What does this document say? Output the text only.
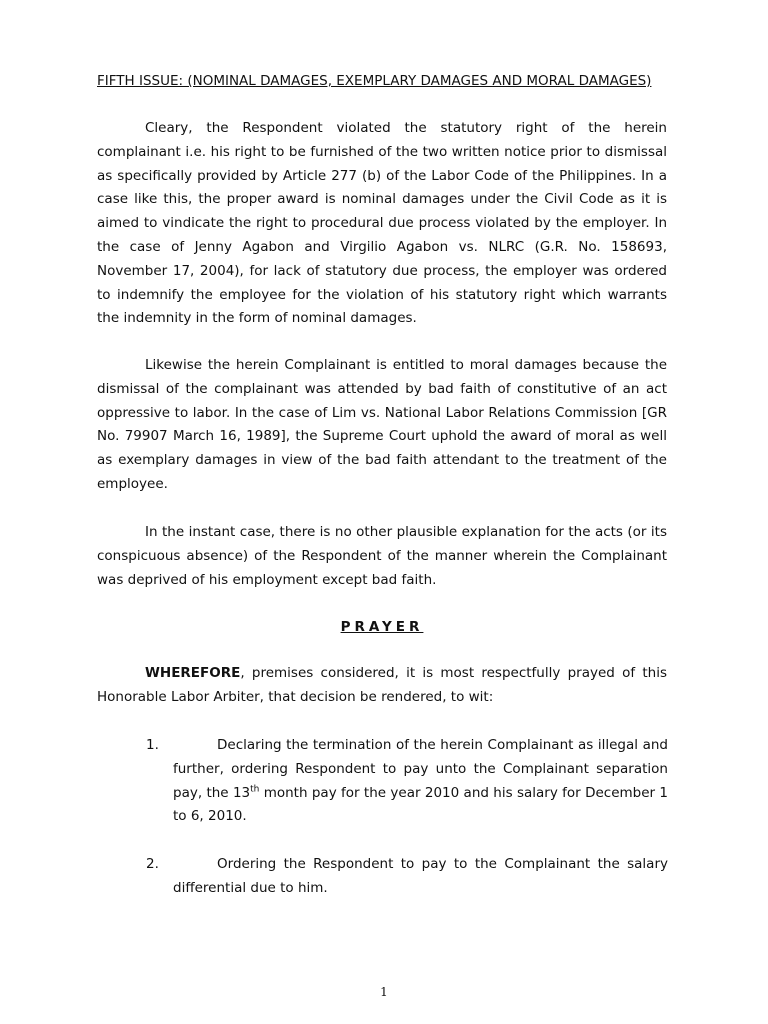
FIFTH ISSUE: (NOMINAL DAMAGES, EXEMPLARY DAMAGES AND MORAL DAMAGES)

Cleary, the Respondent violated the statutory right of the herein complainant i.e. his right to be furnished of the two written notice prior to dismissal as specifically provided by Article 277 (b) of the Labor Code of the Philippines. In a case like this, the proper award is nominal damages under the Civil Code as it is aimed to vindicate the right to procedural due process violated by the employer. In the case of Jenny Agabon and Virgilio Agabon vs. NLRC (G.R. No. 158693, November 17, 2004), for lack of statutory due process, the employer was ordered to indemnify the employee for the violation of his statutory right which warrants the indemnity in the form of nominal damages.

Likewise the herein Complainant is entitled to moral damages because the dismissal of the complainant was attended by bad faith of constitutive of an act oppressive to labor. In the case of Lim vs. National Labor Relations Commission [GR No. 79907 March 16, 1989], the Supreme Court uphold the award of moral as well as exemplary damages in view of the bad faith attendant to the treatment of the employee.

In the instant case, there is no other plausible explanation for the acts (or its conspicuous absence) of the Respondent of the manner wherein the Complainant was deprived of his employment except bad faith.

PRAYER

WHEREFORE, premises considered, it is most respectfully prayed of this Honorable Labor Arbiter, that decision be rendered, to wit:

1.	Declaring the termination of the herein Complainant as illegal and further, ordering Respondent to pay unto the Complainant separation pay, the 13th month pay for the year 2010 and his salary for December 1 to 6, 2010.

2.	Ordering the Respondent to pay to the Complainant the salary differential due to him.

1
